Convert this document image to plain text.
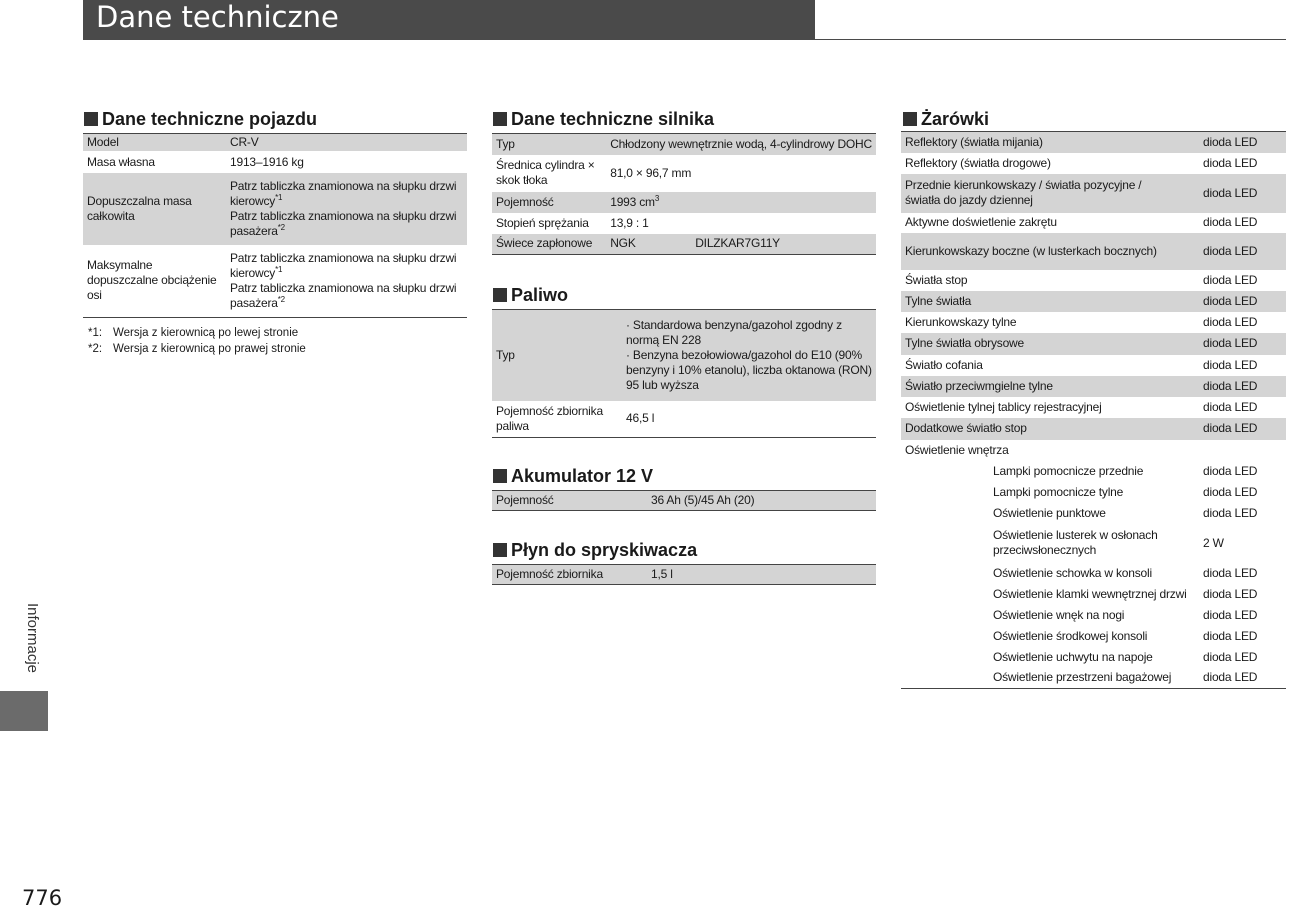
Dane techniczne
Dane techniczne pojazdu
Model	CR-V
Masa własna	1913–1916 kg
Dopuszczalna masa całkowita	Patrz tabliczka znamionowa na słupku drzwi kierowcy$^{*1}$
Patrz tabliczka znamionowa na słupku drzwi pasażera$^{*2}$

Maksymalne dopuszczalne obciążenie osi	Patrz tabliczka znamionowa na słupku drzwi kierowcy$^{*1}$
Patrz tabliczka znamionowa na słupku drzwi pasażera$^{*2}$
*1: Wersja z kierownicą po lewej stronie
*2: Wersja z kierownicą po prawej stronie
Dane techniczne silnika
Typ	Chłodzony wewnętrznie wodą, 4-cylindrowy DOHC	
Średnica cylindra × skok tłoka	81,0 × 96,7 mm	
Pojemność	1993 $cm^3$
Stopień sprężania	13,9 : 1	
Świece zapłonowe	NGK	DILZKAR7G11Y
Paliwo
Typ	· Standardowa benzyna/gazohol zgodny z normą EN 228
· Benzyna bezołowiowa/gazohol do E10 (90% benzyny i 10% etanolu), liczba oktanowa (RON) 95 lub wyższa

Pojemność zbiornika paliwa	46,5 l
Akumulator 12 V
Pojemność	36 Ah (5)/45 Ah (20)
Płyn do spryskiwacza
Pojemność zbiornika	1,5 l
Żarówki
Reflektory (światła mijania)	dioda LED
Reflektory (światła drogowe)	dioda LED
Przednie kierunkowskazy / światła pozycyjne / światła do jazdy dziennej	dioda LED
Aktywne doświetlenie zakrętu	dioda LED
Kierunkowskazy boczne (w lusterkach bocznych)	dioda LED
Światła stop	dioda LED
Tylne światła	dioda LED
Kierunkowskazy tylne	dioda LED
Tylne światła obrysowe	dioda LED
Światło cofania	dioda LED
Światło przeciwmgielne tylne	dioda LED
Oświetlenie tylnej tablicy rejestracyjnej	dioda LED
Dodatkowe światło stop	dioda LED
Oświetlenie wnętrza	
Lampki pomocnicze przednie	dioda LED
Lampki pomocnicze tylne	dioda LED
Oświetlenie punktowe	dioda LED
Oświetlenie lusterek w osłonach przeciwsłonecznych	2 W
Oświetlenie schowka w konsoli	dioda LED
Oświetlenie klamki wewnętrznej drzwi	dioda LED
Oświetlenie wnęk na nogi	dioda LED
Oświetlenie środkowej konsoli	dioda LED
Oświetlenie uchwytu na napoje	dioda LED
Oświetlenie przestrzeni bagażowej	dioda LED
Informacje
776
